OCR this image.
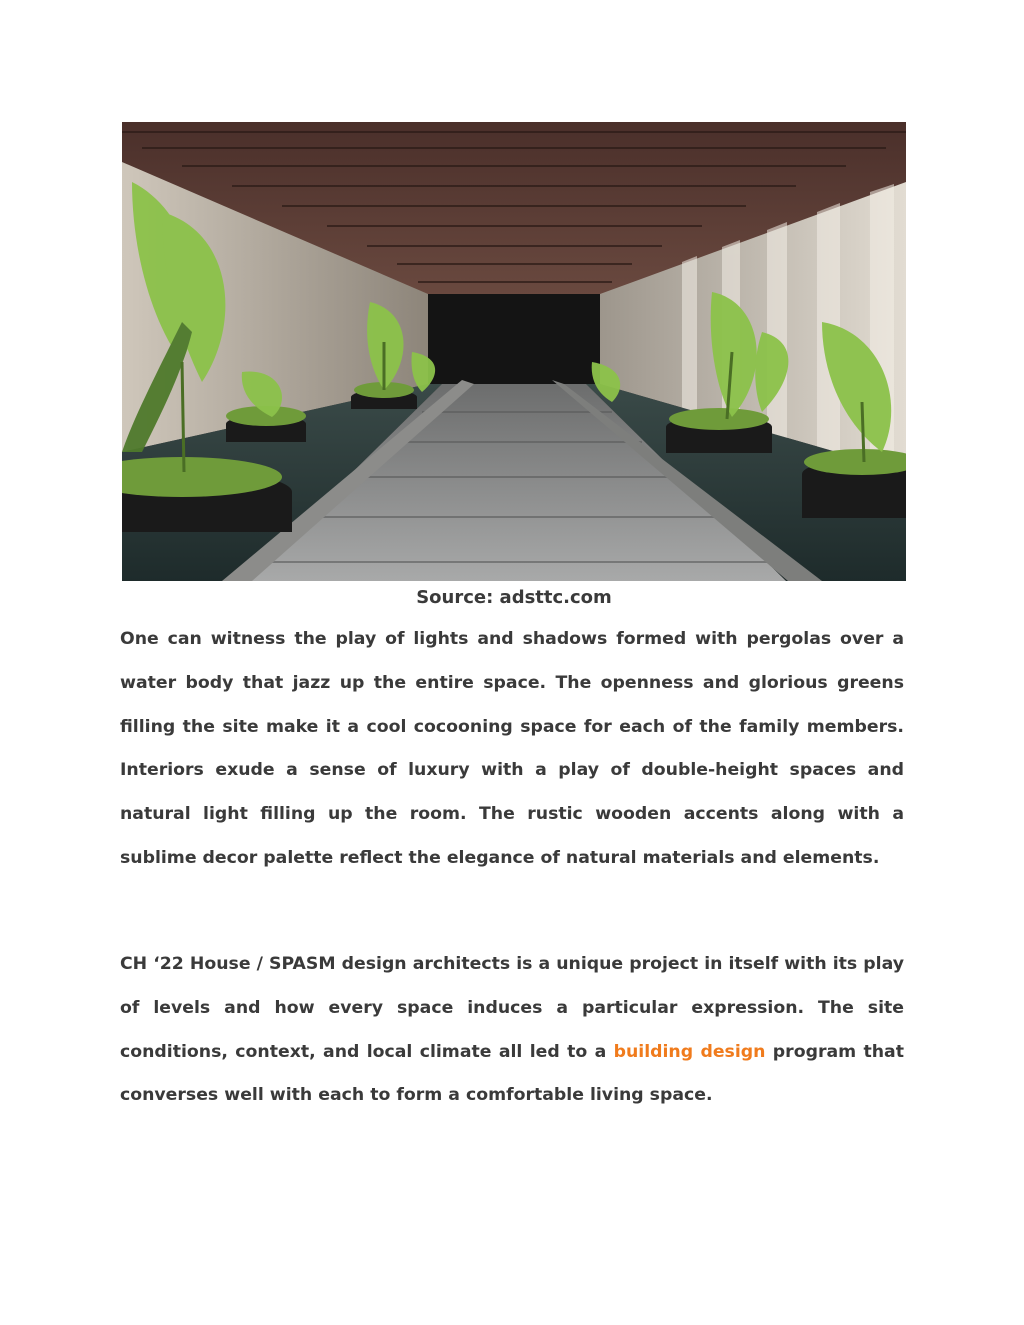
Source: adsttc.com

One can witness the play of lights and shadows formed with pergolas over a water body that jazz up the entire space. The openness and glorious greens filling the site make it a cool cocooning space for each of the family members. Interiors exude a sense of luxury with a play of double-height spaces and natural light filling up the room. The rustic wooden accents along with a sublime decor palette reflect the elegance of natural materials and elements.

CH ‘22 House / SPASM design architects is a unique project in itself with its play of levels and how every space induces a particular expression. The site conditions, context, and local climate all led to a building design program that converses well with each to form a comfortable living space.
